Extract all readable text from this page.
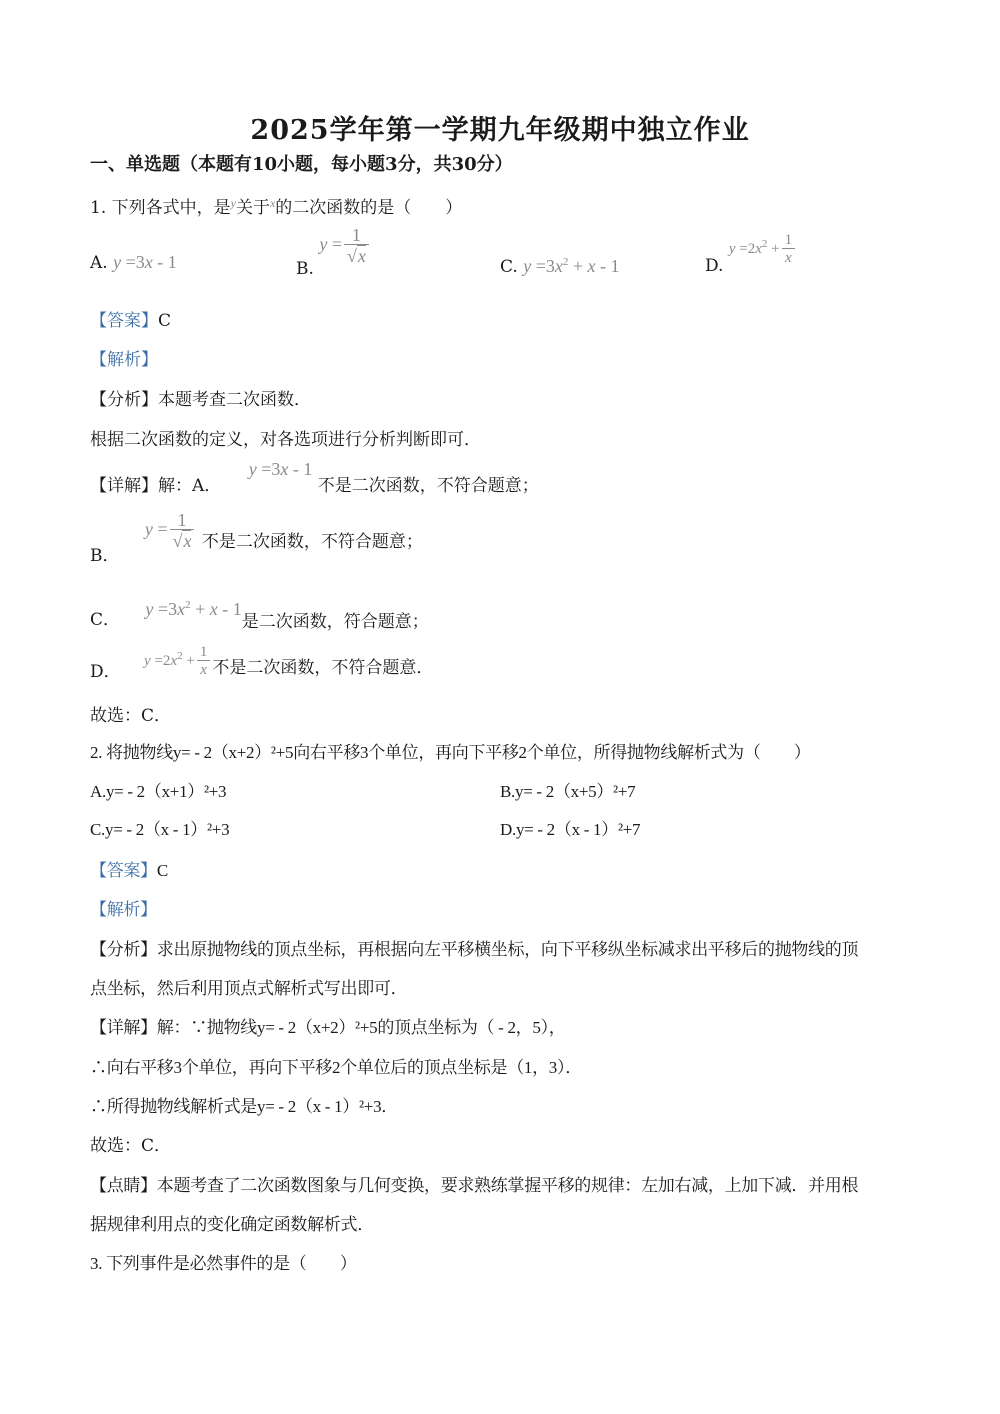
2025学年第一学期九年级期中独立作业
一、单选题（本题有10小题，每小题3分，共30分）
1. 下列各式中，是$^y$关于$^x$的二次函数的是（　　）
A. y =3x - 1	B. $y = \frac{1}{√x}$
C. $y =3x^2 + x - 1$	D. $y =2x^2 + \frac{1}{x}$
【答案】C
【解析】
【分析】本题考查二次函数．
根据二次函数的定义，对各选项进行分析判断即可．
【详解】解：A． y =3x - 1 不是二次函数，不符合题意；
B． $y = \frac{1}{√x}$ 不是二次函数，不符合题意；
C． $y =3x^2 + x - 1$是二次函数，符合题意；
D． $y =2x^2 + \frac{1}{x}$ 不是二次函数，不符合题意．
故选：C．
2. 将抛物线y= - 2（x+2）²+5向右平移3个单位，再向下平移2个单位，所得抛物线解析式为（　　）
A.y= - 2（x+1）²+3	B.y= - 2（x+5）²+7
C.y= - 2（x - 1）²+3	D.y= - 2（x - 1）²+7
【答案】C
【解析】
【分析】求出原抛物线的顶点坐标，再根据向左平移横坐标，向下平移纵坐标减求出平移后的抛物线的顶
点坐标，然后利用顶点式解析式写出即可．
【详解】解：∵抛物线y= - 2（x+2）²+5的顶点坐标为（ - 2，5），
∴向右平移3个单位，再向下平移2个单位后的顶点坐标是（1，3）．
∴所得抛物线解析式是y= - 2（x - 1）²+3．
故选：C．
【点睛】本题考查了二次函数图象与几何变换，要求熟练掌握平移的规律：左加右减，上加下减．并用根
据规律利用点的变化确定函数解析式．
3. 下列事件是必然事件的是（　　）
